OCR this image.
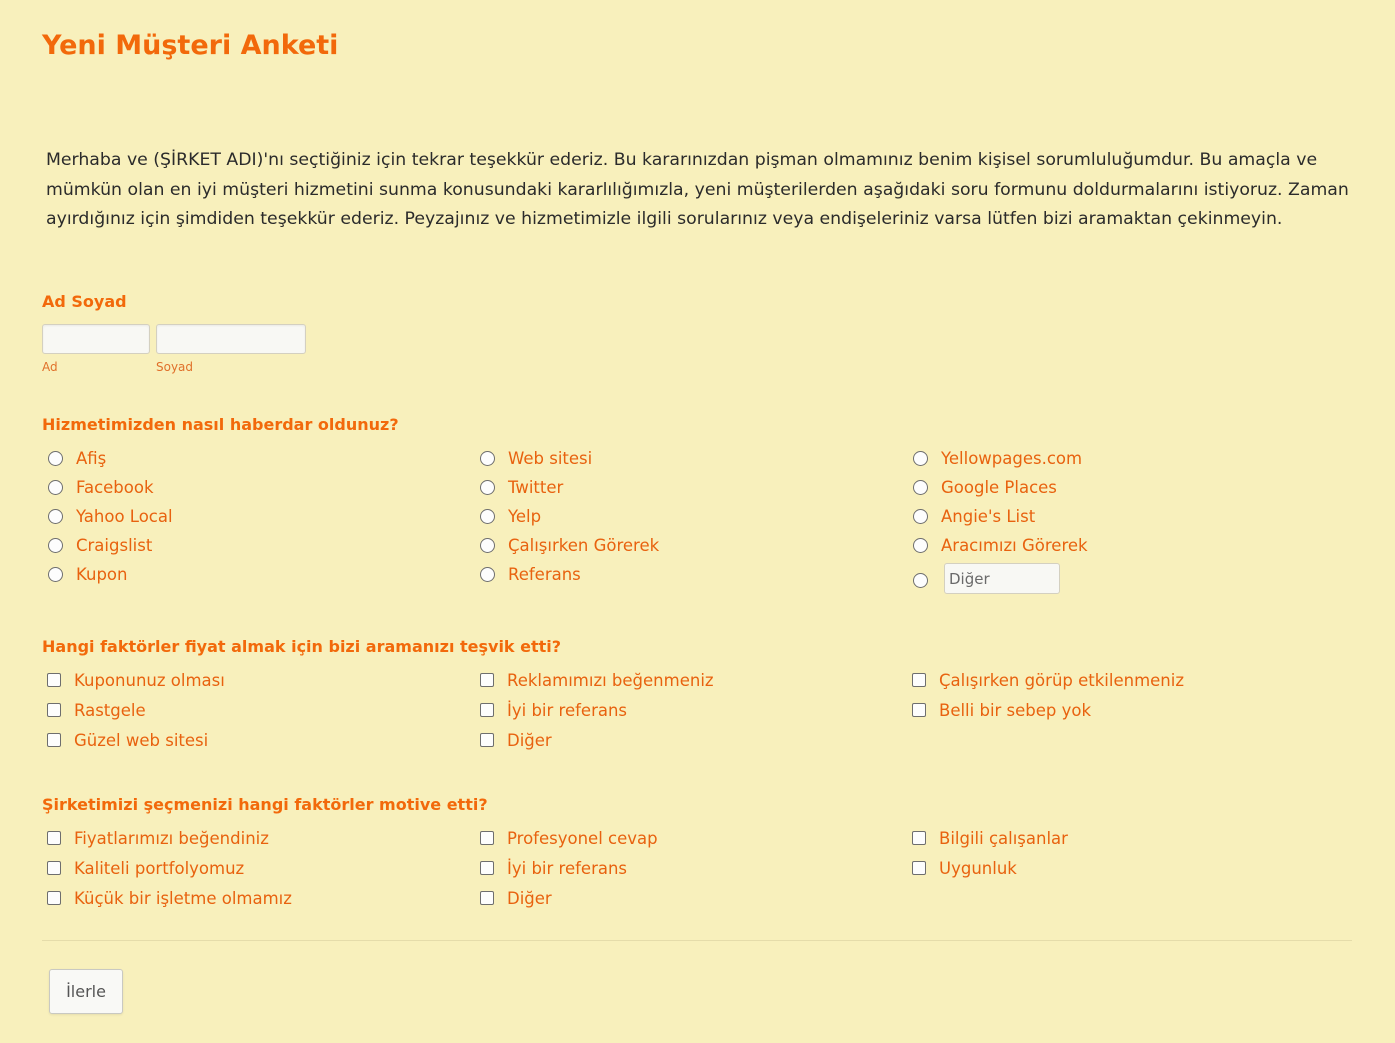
Yeni Müşteri Anketi

Merhaba ve (ŞİRKET ADI)'nı seçtiğiniz için tekrar teşekkür ederiz. Bu kararınızdan pişman olmamınız benim kişisel sorumluluğumdur. Bu amaçla ve mümkün olan en iyi müşteri hizmetini sunma konusundaki kararlılığımızla, yeni müşterilerden aşağıdaki soru formunu doldurmalarını istiyoruz. Zaman ayırdığınız için şimdiden teşekkür ederiz. Peyzajınız ve hizmetimizle ilgili sorularınız veya endişeleriniz varsa lütfen bizi aramaktan çekinmeyin.

Ad Soyad
Ad	Soyad
Hizmetimizden nasıl haberdar oldunuz?
Afiş
Facebook
Yahoo Local
Craigslist
Kupon
Web sitesi
Twitter
Yelp
Çalışırken Görerek
Referans
Yellowpages.com
Google Places
Angie's List
Aracımızı Görerek
Diğer
Hangi faktörler fiyat almak için bizi aramanızı teşvik etti?
Kuponunuz olması
Rastgele
Güzel web sitesi
Reklamımızı beğenmeniz
İyi bir referans
Diğer
Çalışırken görüp etkilenmeniz
Belli bir sebep yok
Şirketimizi şeçmenizi hangi faktörler motive etti?
Fiyatlarımızı beğendiniz
Kaliteli portfolyomuz
Küçük bir işletme olmamız
Profesyonel cevap
İyi bir referans
Diğer
Bilgili çalışanlar
Uygunluk
İlerle
